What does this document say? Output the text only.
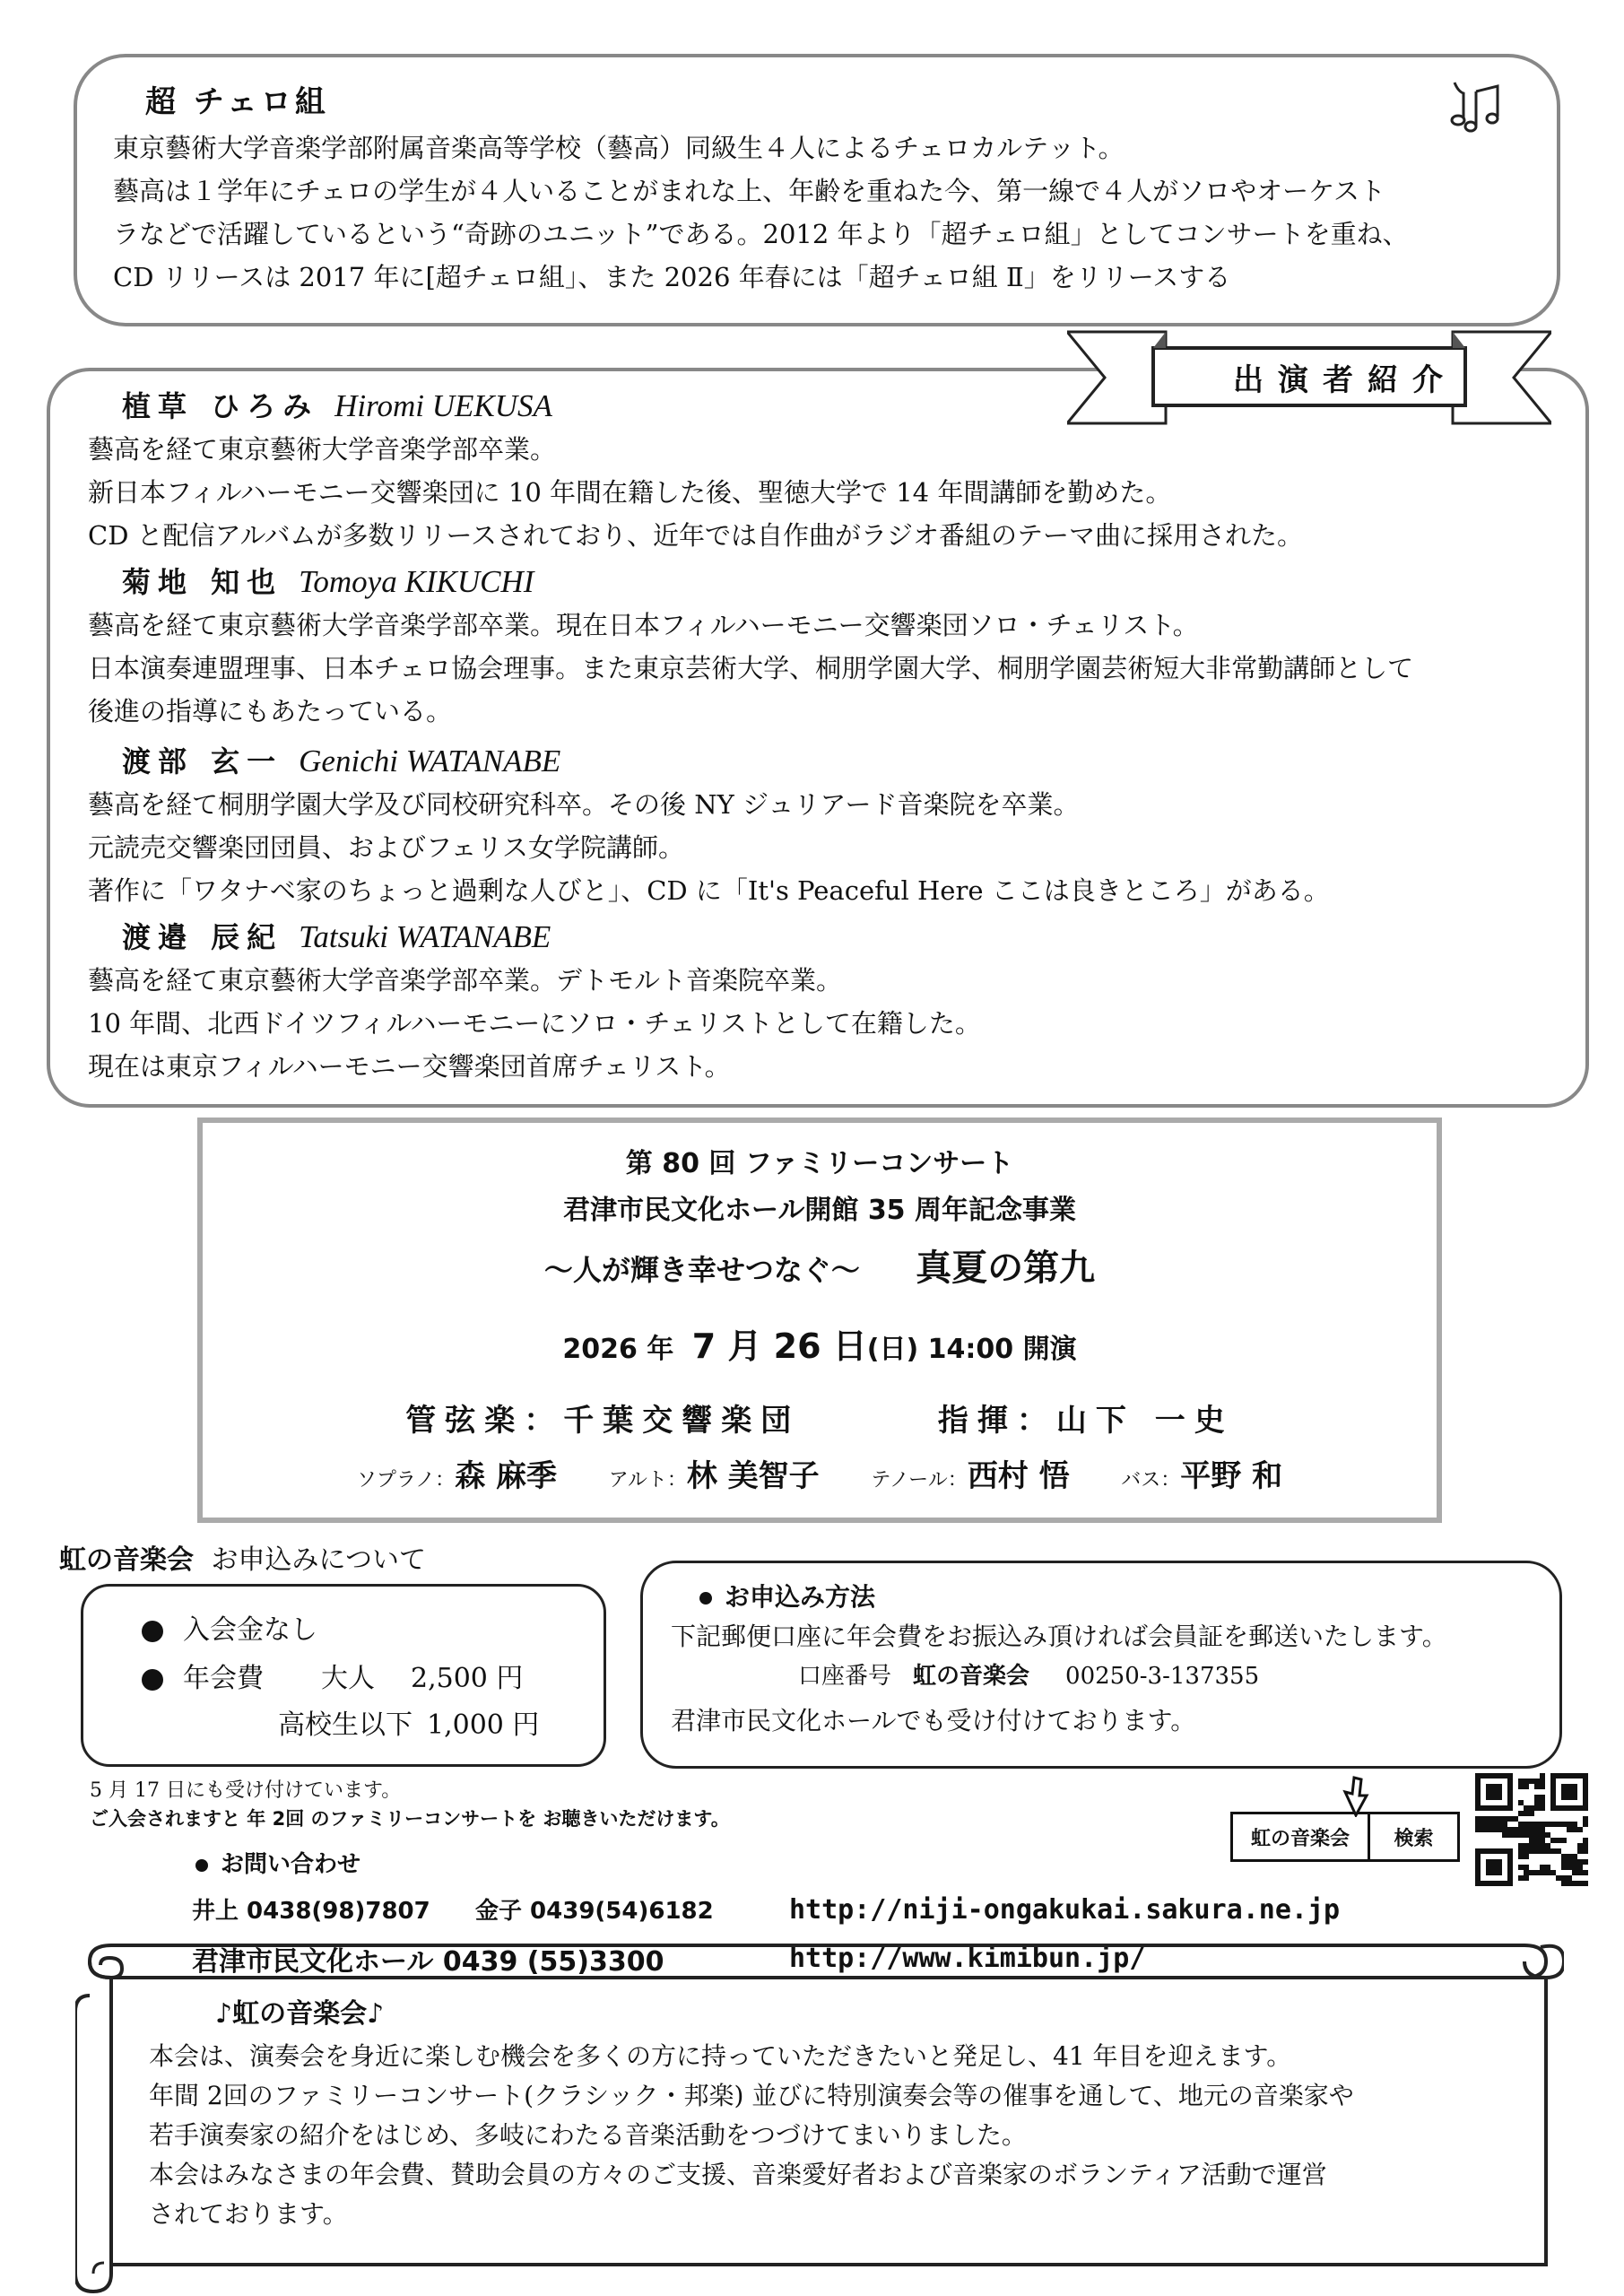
超 チェロ組
東京藝術大学音楽学部附属音楽高等学校（藝高）同級生４人によるチェロカルテット。
藝高は１学年にチェロの学生が４人いることがまれな上、年齢を重ねた今、第一線で４人がソロやオーケスト
ラなどで活躍しているという“奇跡のユニット”である。2012 年より「超チェロ組」としてコンサートを重ね、
CD リリースは 2017 年に[超チェロ組」、また 2026 年春には「超チェロ組 Ⅱ」をリリースする
出演者紹介
植草 ひろみ Hiromi UEKUSA
藝高を経て東京藝術大学音楽学部卒業。
新日本フィルハーモニー交響楽団に 10 年間在籍した後、聖徳大学で 14 年間講師を勤めた。
CD と配信アルバムが多数リリースされており、近年では自作曲がラジオ番組のテーマ曲に採用された。
菊地 知也 Tomoya KIKUCHI
藝高を経て東京藝術大学音楽学部卒業。現在日本フィルハーモニー交響楽団ソロ・チェリスト。
日本演奏連盟理事、日本チェロ協会理事。また東京芸術大学、桐朋学園大学、桐朋学園芸術短大非常勤講師として
後進の指導にもあたっている。
渡部 玄一 Genichi WATANABE
藝高を経て桐朋学園大学及び同校研究科卒。その後 NY ジュリアード音楽院を卒業。
元読売交響楽団団員、およびフェリス女学院講師。
著作に「ワタナベ家のちょっと過剰な人びと」、CD に「It's Peaceful Here ここは良きところ」がある。
渡邉 辰紀 Tatsuki WATANABE
藝高を経て東京藝術大学音楽学部卒業。デトモルト音楽院卒業。
10 年間、北西ドイツフィルハーモニーにソロ・チェリストとして在籍した。
現在は東京フィルハーモニー交響楽団首席チェリスト。
第 80 回 ファミリーコンサート
君津市民文化ホール開館 35 周年記念事業
～人が輝き幸せつなぐ～ 真夏の第九
2026 年 7 月 26 日(日) 14:00 開演
管弦楽：千葉交響楽団	指揮：山下 一史
ソプラノ：森 麻季	アルト：林 美智子	テノール：西村 悟	バス：平野 和
虹の音楽会 お申込みについて
入会金なし
年会費 大人 2,500 円
高校生以下 1,000 円
お申込み方法
下記郵便口座に年会費をお振込み頂ければ会員証を郵送いたします。
口座番号 虹の音楽会 00250-3-137355
君津市民文化ホールでも受け付けております。
5 月 17 日にも受け付けています。
ご入会されますと 年 2回 のファミリーコンサートを お聴きいただけます。
お問い合わせ
井上 0438(98)7807 金子 0439(54)6182	http://niji-ongakukai.sakura.ne.jp
君津市民文化ホール 0439 (55)3300	http://www.kimibun.jp/
虹の音楽会	検索
♪虹の音楽会♪
本会は、演奏会を身近に楽しむ機会を多くの方に持っていただきたいと発足し、41 年目を迎えます。
年間 2回のファミリーコンサート(クラシック・邦楽) 並びに特別演奏会等の催事を通して、地元の音楽家や
若手演奏家の紹介をはじめ、多岐にわたる音楽活動をつづけてまいりました。
本会はみなさまの年会費、賛助会員の方々のご支援、音楽愛好者および音楽家のボランティア活動で運営
されております。
